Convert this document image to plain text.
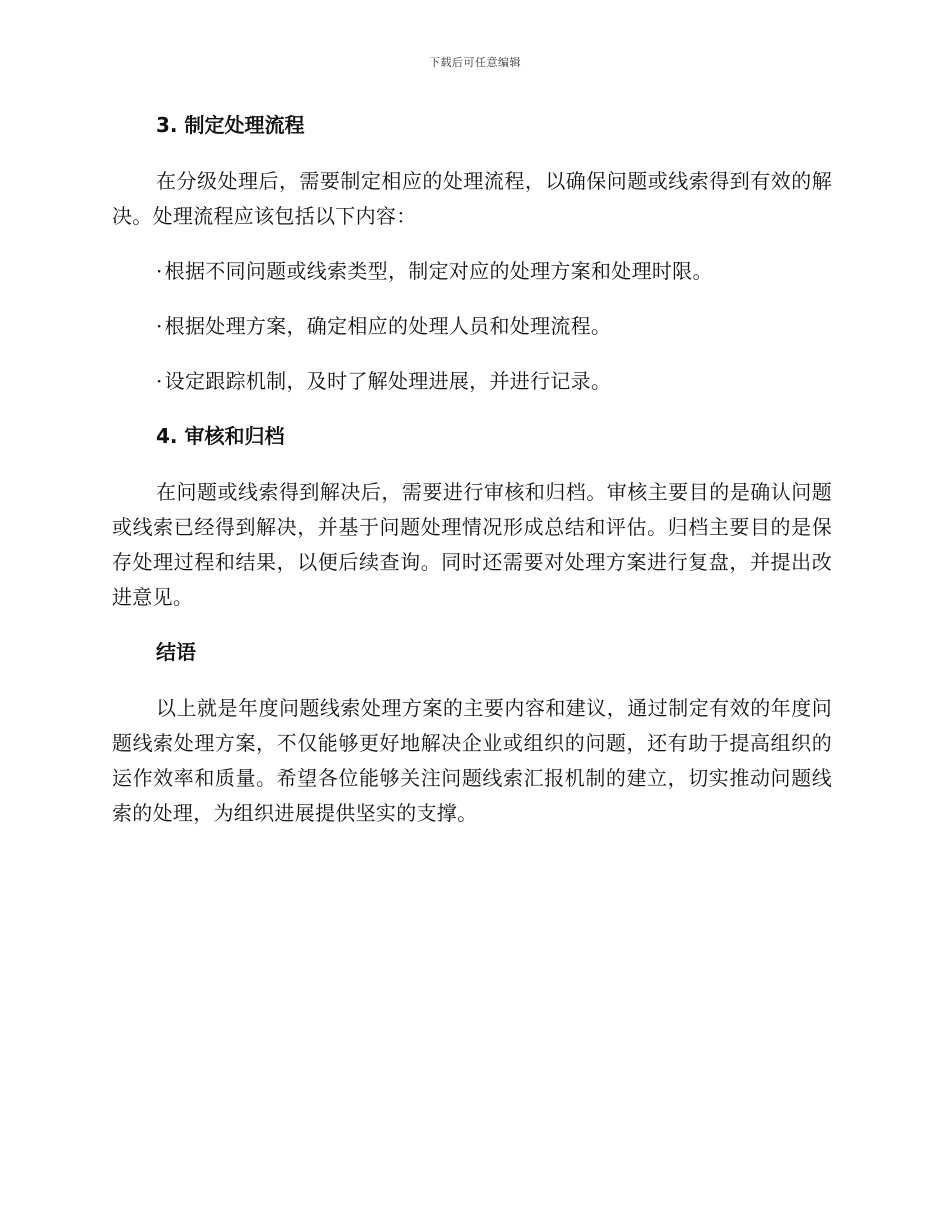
下载后可任意编辑
3. 制定处理流程

在分级处理后，需要制定相应的处理流程，以确保问题或线索得到有效的解决。处理流程应该包括以下内容：

· 根据不同问题或线索类型，制定对应的处理方案和处理时限。
· 根据处理方案，确定相应的处理人员和处理流程。
· 设定跟踪机制，及时了解处理进展，并进行记录。
4. 审核和归档

在问题或线索得到解决后，需要进行审核和归档。审核主要目的是确认问题或线索已经得到解决，并基于问题处理情况形成总结和评估。归档主要目的是保存处理过程和结果，以便后续查询。同时还需要对处理方案进行复盘，并提出改进意见。

结语

以上就是年度问题线索处理方案的主要内容和建议，通过制定有效的年度问题线索处理方案，不仅能够更好地解决企业或组织的问题，还有助于提高组织的运作效率和质量。希望各位能够关注问题线索汇报机制的建立，切实推动问题线索的处理，为组织进展提供坚实的支撑。
